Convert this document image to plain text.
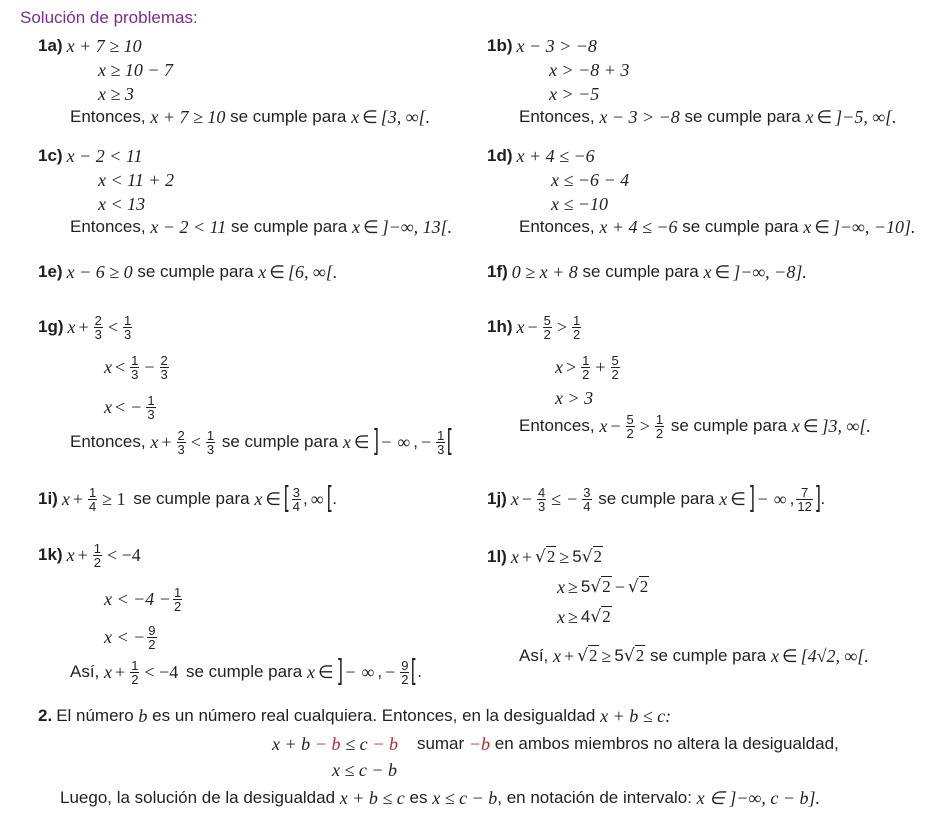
Solución de problemas:
1a) x + 7 ≥ 10
x ≥ 10 − 7
x ≥ 3
Entonces,
x + 7 ≥ 10
se cumple para
x ∈ [3, ∞[.
1b) x − 3 > −8
x > −8 + 3
x > −5
Entonces,
x − 3 > −8
se cumple para
x ∈ ]−5, ∞[.
1c) x − 2 < 11
x < 11 + 2
x < 13
Entonces,
x − 2 < 11
se cumple para
x ∈ ]−∞, 13[.
1d) x + 4 ≤ −6
x ≤ −6 − 4
x ≤ −10
Entonces,
x + 4 ≤ −6
se cumple para
x ∈ ]−∞, −10].
1e) x − 6 ≥ 0
se cumple para
x ∈ [6, ∞[.	1f) 0 ≥ x + 8
se cumple para
x ∈ ]−∞, −8].
1g) $x + \frac{2}{3} < \frac{1}{3}$
$x < \frac{1}{3} - \frac{2}{3}$
x < − $\frac{1}{3}$
Entonces,
$x + \frac{2}{3} < \frac{1}{3}$
se cumple para
x ∈ ] − ∞ , − $\frac{1}{3}$ [
1h) $x - \frac{5}{2} > \frac{1}{2}$
$x > \frac{1}{2} + \frac{5}{2}$
x > 3
Entonces,
$x - \frac{5}{2} > \frac{1}{2}$
se cumple para
x ∈ ]3, ∞[.
1i) $x + \frac{1}{4} \ge 1$
se cumple para
x ∈ [ $\frac{3}{4}$ , ∞ [ .	1j) $x - \frac{4}{3}$ ≤ − $\frac{3}{4}$
se cumple para
x ∈ ] − ∞ , $\frac{7}{12}$ ] .
1k) $x + \frac{1}{2} < -4$
$x < -4 - \frac{1}{2}$
x < − $\frac{9}{2}$
Así,
$x + \frac{1}{2} < -4$
se cumple para
x ∈ ] − ∞ , − $\frac{9}{2}$ [ .
1l) x + √ 2 ≥ 5 √ 2
x ≥ 5 √ 2 − √ 2
x ≥ 4 √ 2
Así,
x + √ 2 ≥ 5 √ 2
se cumple para
x ∈ [4√2, ∞[.
2. El número
b
es un número real cualquiera. Entonces, en la desigualdad
x + b ≤ c:
x + b
− b
≤ c
− b
sumar
−b
en ambos miembros no altera la desigualdad,
x ≤ c − b
Luego, la solución de la desigualdad
x + b ≤ c
es
x ≤ c − b , en notación de intervalo:
x ∈ ]−∞, c − b].
